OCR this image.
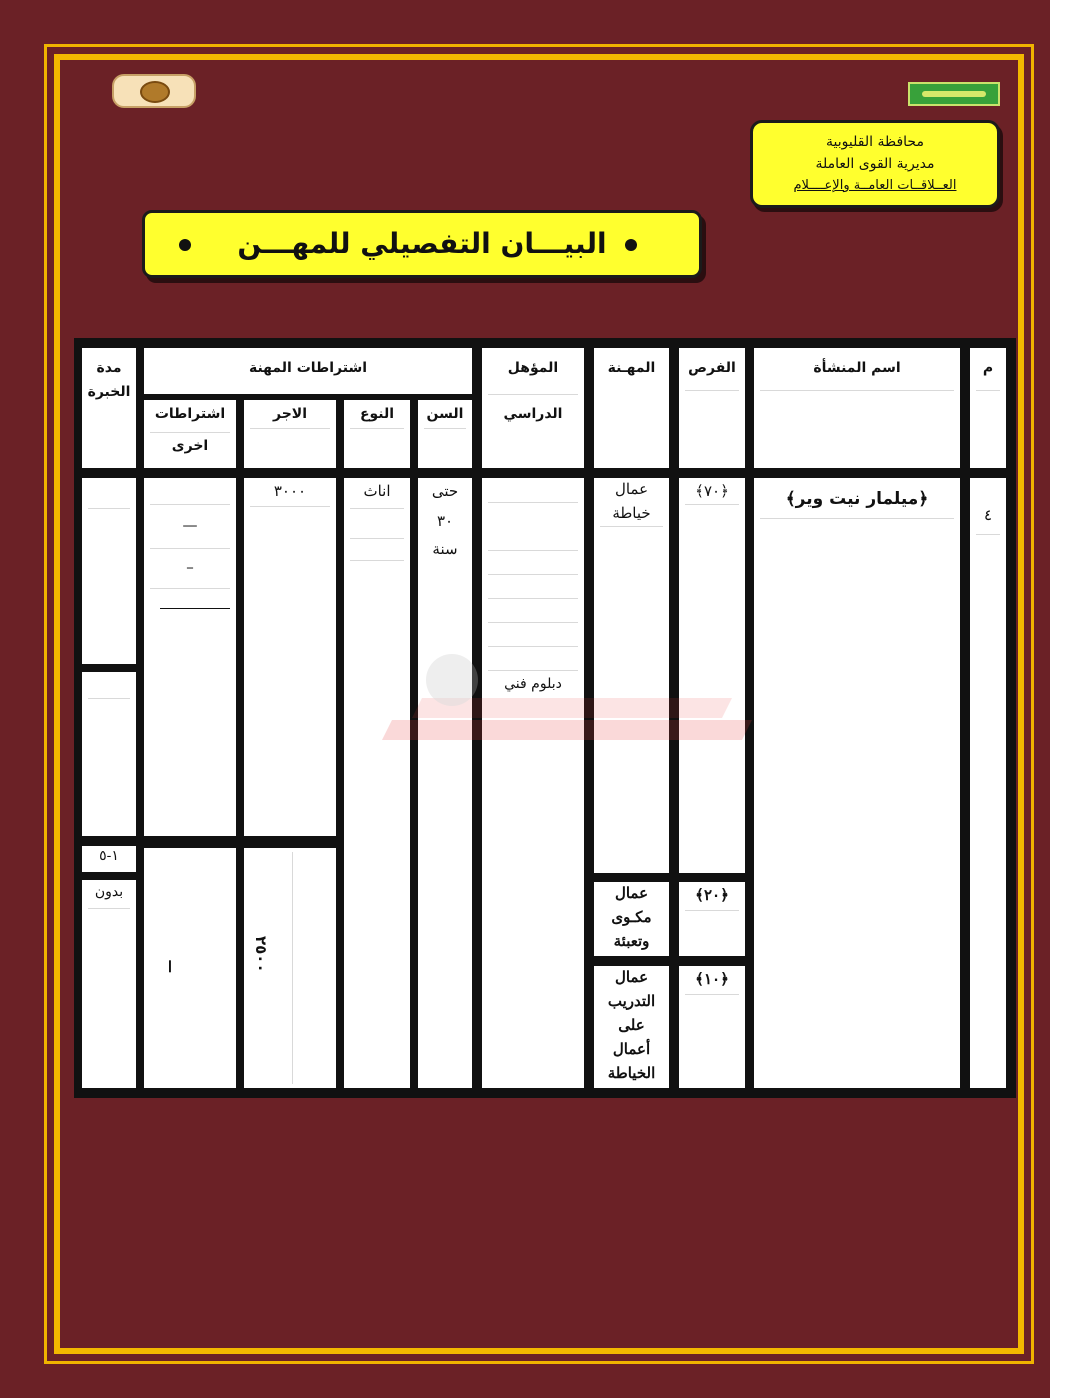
محافظة القليوبية
مديرية القوى العاملة
العــلاقــات العامــة والإعــــلام
البيـــان التفصيلي للمهـــن
م
اسم المنشأة
الفرص
المهـنة
المؤهل
الدراسي
اشتراطات المهنة
السن
النوع
الاجر
اشتراطات
اخرى
مدة
الخبرة
٤
﴿ميلمار نيت وير﴾
﴿٧٠﴾
﴿٢٠﴾
﴿١٠﴾
عمال
خياطة
عمال
مكـوى
وتعبئة
عمال
التدريب
على
أعمال
الخياطة
دبلوم فني
حتى
٣٠
سنة
اناث
٣٠٠٠
٢٥٠٠
—
–
ا
١-٥
بدون
